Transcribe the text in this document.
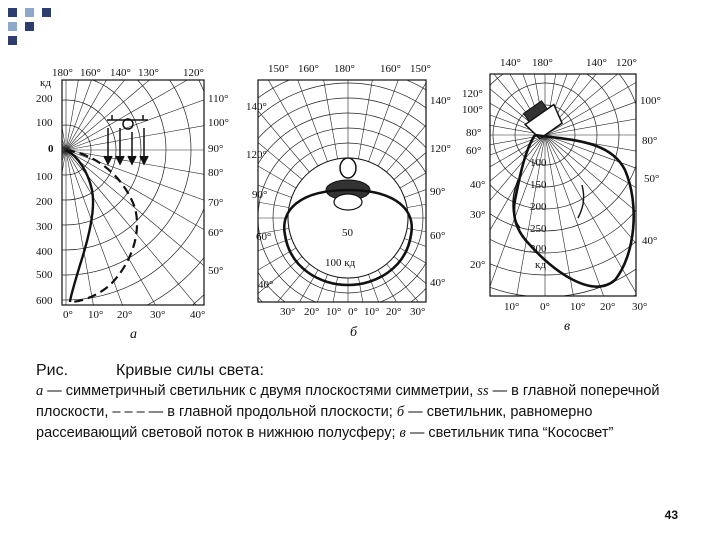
кд
180° 160° 140° 130° 120°
110°
100°
90°
80°
70°
60°
50°
200
100
0
100
200
300
400
500
600
0° 10° 20° 30° 40°
а
50
100 кд
150° 160° 180° 160° 150°
140°
120°
90°
60°
40°
140°
120°
90°
60°
40°
30° 20° 10° 0° 10° 20° 30°
б
140° 180°	140° 120°
120°
100°
80°
60°
40°
30°
20°
100°
80°
50°
40°
100
150
200
250
300
кд
10° 0° 10° 20° 30°
в
Рис.	Кривые силы света:
а — симметричный светильник с двумя плоскостями симметрии, ss — в главной поперечной плоскости, – – – — в главной продольной плоскости; б — светильник, равномерно рассеивающий световой поток в нижнюю полусферу; в — светильник типа “Кососвет”
43
